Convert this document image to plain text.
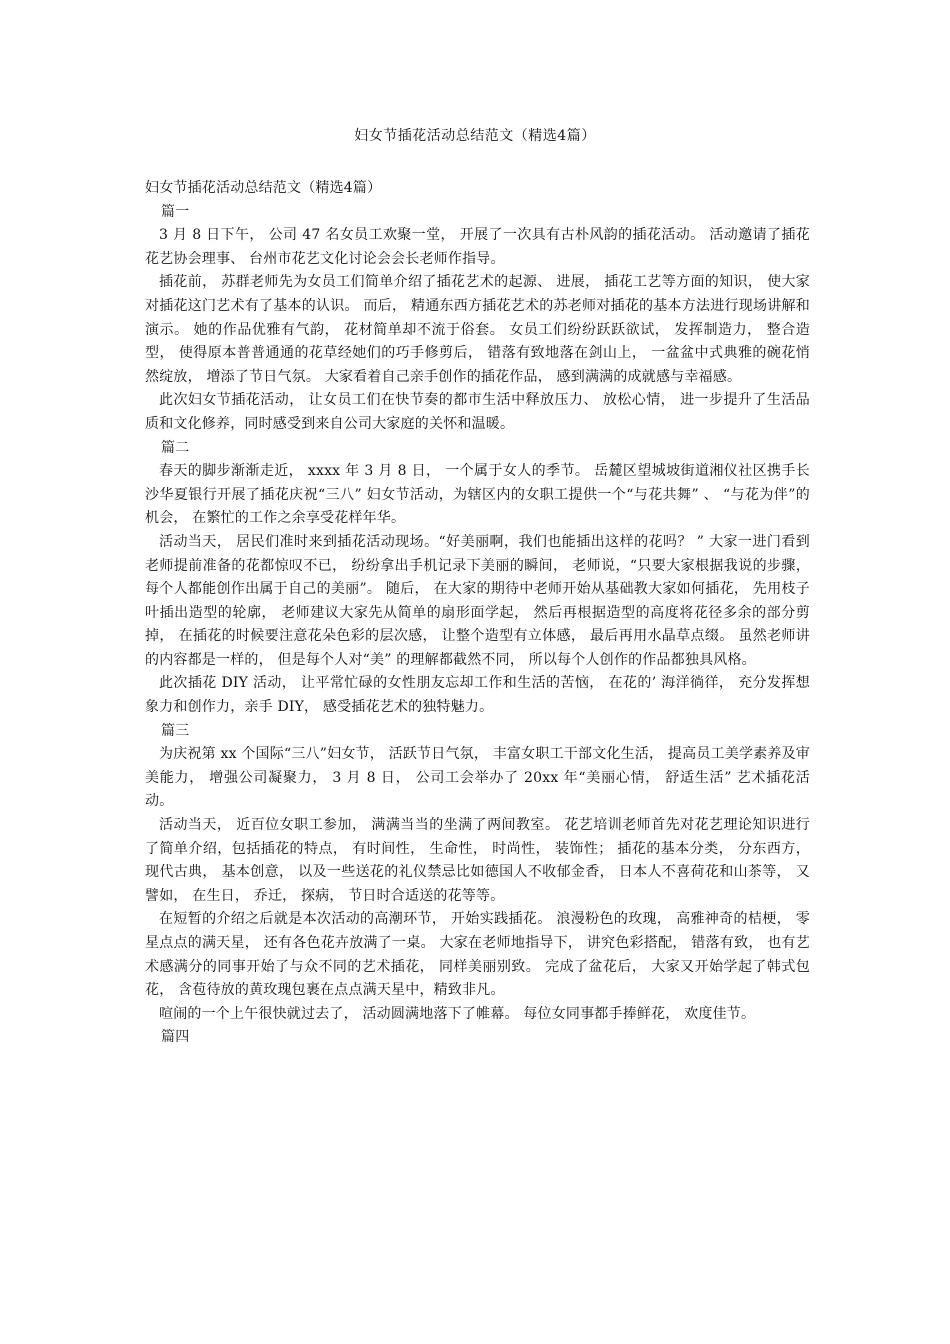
妇女节插花活动总结范文（精选4篇）

妇女节插花活动总结范文（精选4篇）

篇一

3 月 8 日下午， 公司 47 名女员工欢聚一堂， 开展了一次具有古朴风韵的插花活动。 活动邀请了插花花艺协会理事、 台州市花艺文化讨论会会长老师作指导。

插花前， 苏群老师先为女员工们简单介绍了插花艺术的起源、 进展， 插花工艺等方面的知识， 使大家对插花这门艺术有了基本的认识。 而后， 精通东西方插花艺术的苏老师对插花的基本方法进行现场讲解和演示。 她的作品优雅有气韵， 花材简单却不流于俗套。 女员工们纷纷跃跃欲试， 发挥制造力， 整合造型， 使得原本普普通通的花草经她们的巧手修剪后， 错落有致地落在剑山上， 一盆盆中式典雅的碗花悄然绽放， 增添了节日气氛。 大家看着自己亲手创作的插花作品， 感到满满的成就感与幸福感。

此次妇女节插花活动， 让女员工们在快节奏的都市生活中释放压力、 放松心情， 进一步提升了生活品质和文化修养，同时感受到来自公司大家庭的关怀和温暖。

篇二

春天的脚步渐渐走近， xxxx 年 3 月 8 日， 一个属于女人的季节。 岳麓区望城坡街道湘仪社区携手长沙华夏银行开展了插花庆祝“三八” 妇女节活动，为辖区内的女职工提供一个“与花共舞” 、 “与花为伴”的机会， 在繁忙的工作之余享受花样年华。

活动当天， 居民们准时来到插花活动现场。“好美丽啊，我们也能插出这样的花吗？ ” 大家一进门看到老师提前准备的花都惊叹不已， 纷纷拿出手机记录下美丽的瞬间， 老师说，“只要大家根据我说的步骤， 每个人都能创作出属于自己的美丽”。 随后， 在大家的期待中老师开始从基础教大家如何插花， 先用枝子叶插出造型的轮廓， 老师建议大家先从简单的扇形面学起， 然后再根据造型的高度将花径多余的部分剪掉， 在插花的时候要注意花朵色彩的层次感， 让整个造型有立体感， 最后再用水晶草点缀。 虽然老师讲的内容都是一样的， 但是每个人对“美” 的理解都截然不同， 所以每个人创作的作品都独具风格。

此次插花 DIY 活动， 让平常忙碌的女性朋友忘却工作和生活的苦恼， 在花的’ 海洋徜徉， 充分发挥想象力和创作力，亲手 DIY， 感受插花艺术的独特魅力。

篇三

为庆祝第 xx 个国际“三八”妇女节， 活跃节日气氛， 丰富女职工干部文化生活， 提高员工美学素养及审美能力， 增强公司凝聚力， 3 月 8 日， 公司工会举办了 20xx 年“美丽心情， 舒适生活” 艺术插花活动。

活动当天， 近百位女职工参加， 满满当当的坐满了两间教室。 花艺培训老师首先对花艺理论知识进行了简单介绍，包括插花的特点， 有时间性， 生命性， 时尚性， 装饰性； 插花的基本分类， 分东西方， 现代古典， 基本创意， 以及一些送花的礼仪禁忌比如德国人不收郁金香， 日本人不喜荷花和山茶等， 又譬如， 在生日， 乔迁， 探病， 节日时合适送的花等等。

在短暂的介绍之后就是本次活动的高潮环节， 开始实践插花。 浪漫粉色的玫瑰， 高雅神奇的桔梗， 零星点点的满天星， 还有各色花卉放满了一桌。 大家在老师地指导下， 讲究色彩搭配， 错落有致， 也有艺术感满分的同事开始了与众不同的艺术插花， 同样美丽别致。 完成了盆花后， 大家又开始学起了韩式包花， 含苞待放的黄玫瑰包裹在点点满天星中，精致非凡。

喧闹的一个上午很快就过去了， 活动圆满地落下了帷幕。 每位女同事都手捧鲜花， 欢度佳节。

篇四
